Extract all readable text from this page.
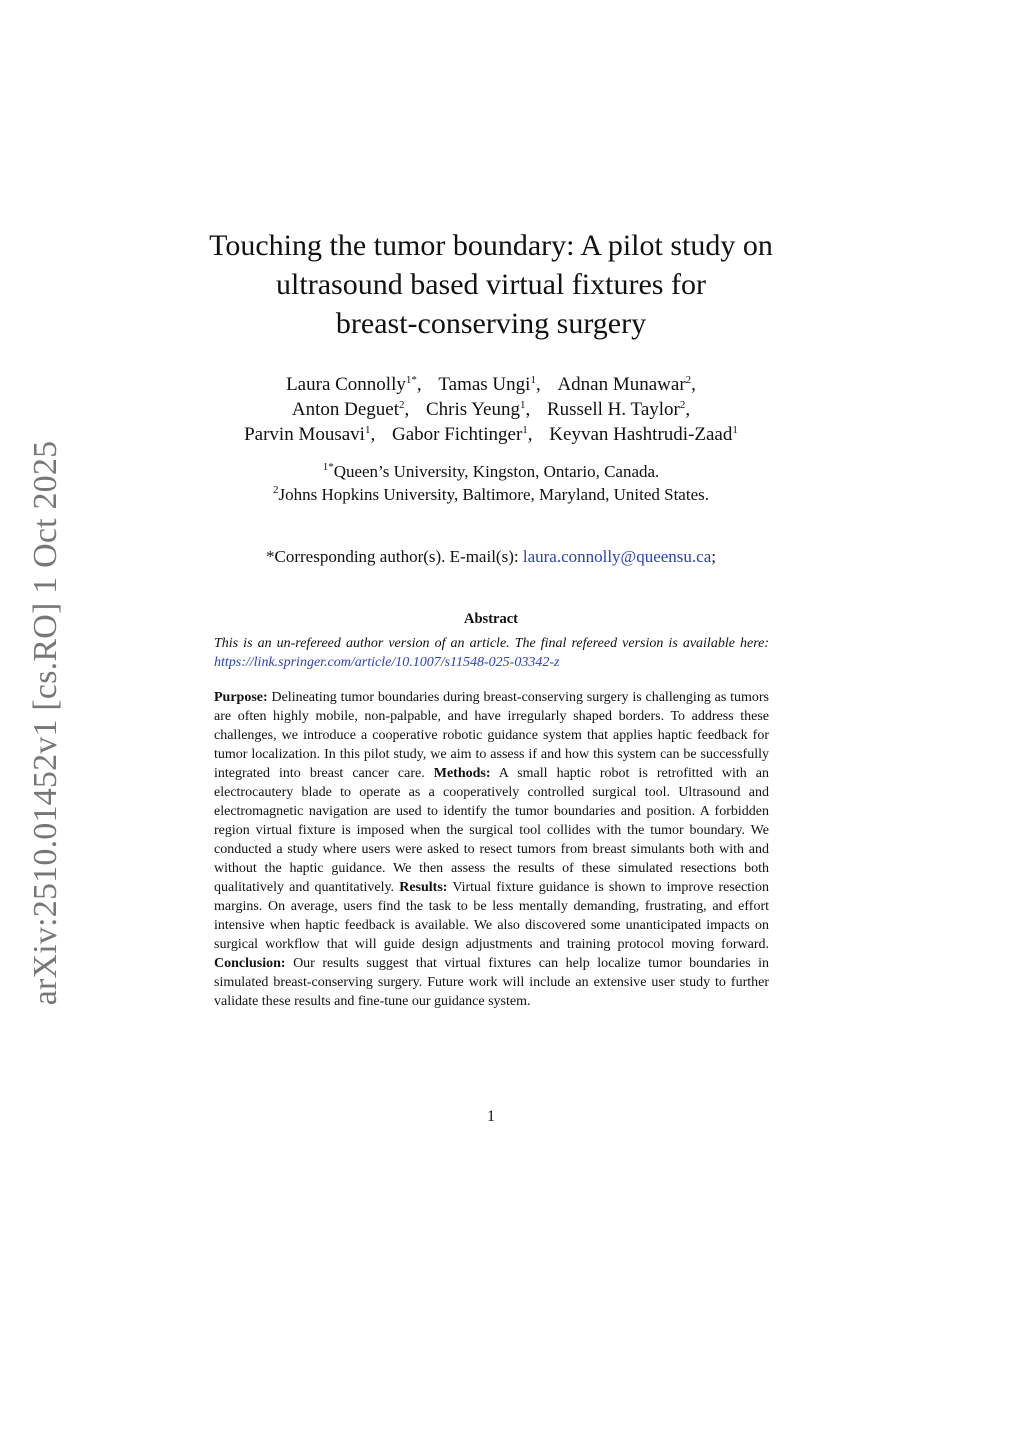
arXiv:2510.01452v1 [cs.RO] 1 Oct 2025
Touching the tumor boundary: A pilot study on
ultrasound based virtual fixtures for
breast-conserving surgery
Laura Connolly$^{1*}$, Tamas Ungi$^1$, Adnan Munawar$^2$,
Anton Deguet$^2$, Chris Yeung$^1$, Russell H. Taylor$^2$,
Parvin Mousavi$^1$, Gabor Fichtinger$^1$, Keyvan Hashtrudi-Zaad$^1$
$^{1*}$Queen’s University, Kingston, Ontario, Canada.
$^2$Johns Hopkins University, Baltimore, Maryland, United States.
*Corresponding author(s). E-mail(s): laura.connolly@queensu.ca;
Abstract
This is an un-refereed author version of an article. The final refereed version is available here: https://link.springer.com/article/10.1007/s11548-025-03342-z
Purpose: Delineating tumor boundaries during breast-conserving surgery is challenging as tumors are often highly mobile, non-palpable, and have irregularly shaped borders. To address these challenges, we introduce a cooperative robotic guidance system that applies haptic feedback for tumor localization. In this pilot study, we aim to assess if and how this system can be successfully integrated into breast cancer care. Methods: A small haptic robot is retrofitted with an electrocautery blade to operate as a cooperatively controlled surgical tool. Ultrasound and electromagnetic navigation are used to identify the tumor boundaries and position. A forbidden region virtual fixture is imposed when the surgical tool collides with the tumor boundary. We conducted a study where users were asked to resect tumors from breast simulants both with and without the haptic guidance. We then assess the results of these simulated resections both qualitatively and quantitatively. Results: Virtual fixture guidance is shown to improve resection margins. On average, users find the task to be less mentally demanding, frustrating, and effort intensive when haptic feedback is available. We also discovered some unanticipated impacts on surgical workflow that will guide design adjustments and training protocol moving forward. Conclusion: Our results suggest that virtual fixtures can help localize tumor boundaries in simulated breast-conserving surgery. Future work will include an extensive user study to further validate these results and fine-tune our guidance system.
1
